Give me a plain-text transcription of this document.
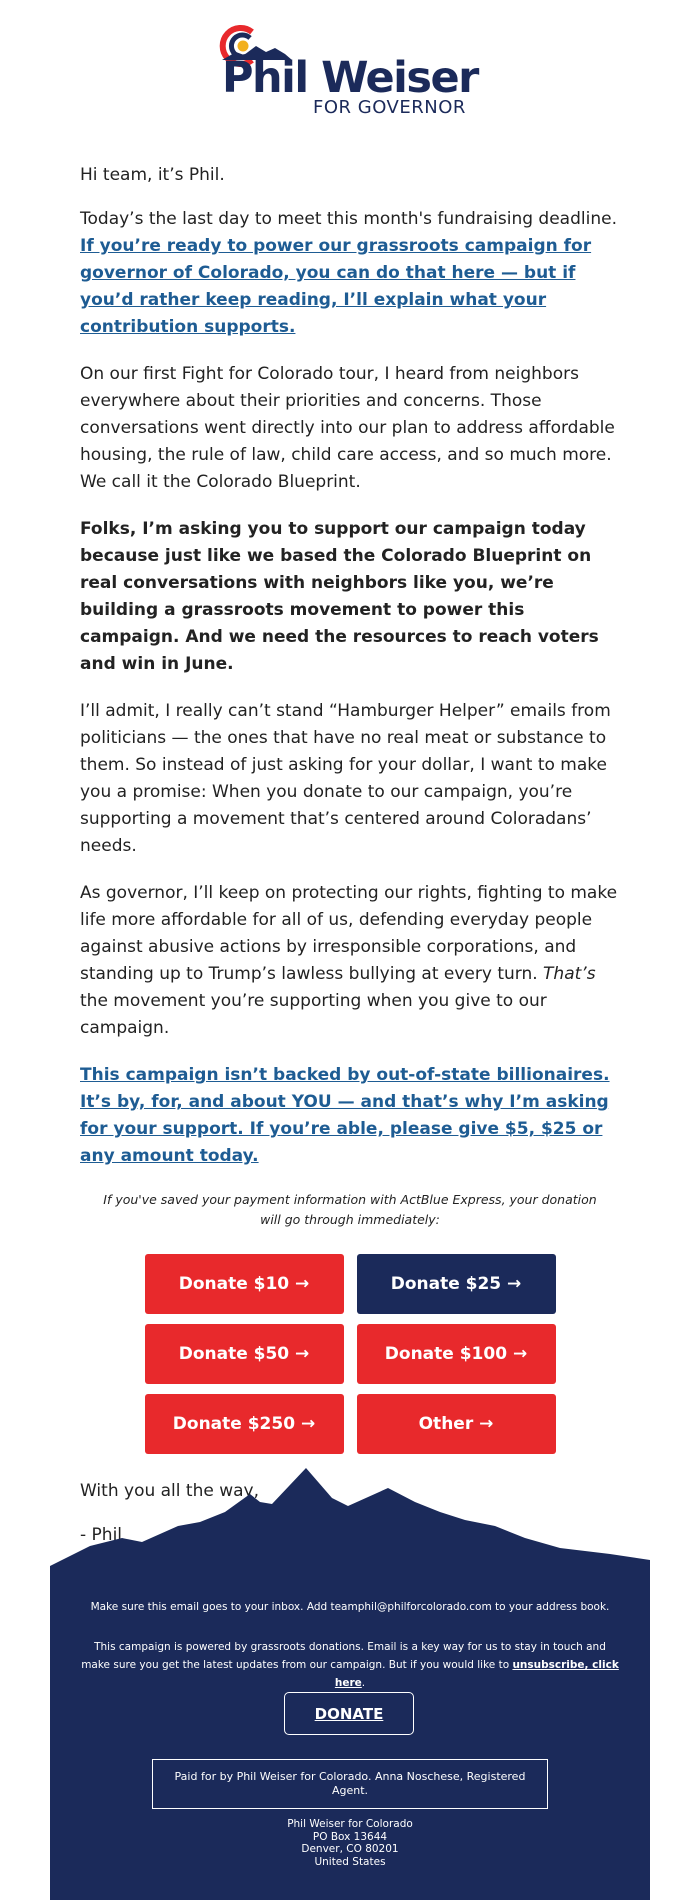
Phil Weiser
FOR GOVERNOR

Hi team, it’s Phil.

Today’s the last day to meet this month's fundraising deadline. If you’re ready to power our grassroots campaign for governor of Colorado, you can do that here — but if you’d rather keep reading, I’ll explain what your contribution supports.

On our first Fight for Colorado tour, I heard from neighbors everywhere about their priorities and concerns. Those conversations went directly into our plan to address affordable housing, the rule of law, child care access, and so much more. We call it the Colorado Blueprint.

Folks, I’m asking you to support our campaign today because just like we based the Colorado Blueprint on real conversations with neighbors like you, we’re building a grassroots movement to power this campaign. And we need the resources to reach voters and win in June.

I’ll admit, I really can’t stand “Hamburger Helper” emails from politicians — the ones that have no real meat or substance to them. So instead of just asking for your dollar, I want to make you a promise: When you donate to our campaign, you’re supporting a movement that’s centered around Coloradans’ needs.

As governor, I’ll keep on protecting our rights, fighting to make life more affordable for all of us, defending everyday people against abusive actions by irresponsible corporations, and standing up to Trump’s lawless bullying at every turn. That’s the movement you’re supporting when you give to our campaign.

This campaign isn’t backed by out-of-state billionaires. It’s by, for, and about YOU — and that’s why I’m asking for your support. If you’re able, please give $5, $25 or any amount today.

If you've saved your payment information with ActBlue Express, your donation will go through immediately:
Donate $10 →	Donate $25 →
Donate $50 →	Donate $100 →
Donate $250 →	Other →

With you all the way,

- Phil

Make sure this email goes to your inbox. Add teamphil@philforcolorado.com to your address book.
This campaign is powered by grassroots donations. Email is a key way for us to stay in touch and make sure you get the latest updates from our campaign. But if you would like to unsubscribe, click here.
DONATE
Paid for by Phil Weiser for Colorado. Anna Noschese, Registered Agent.
Phil Weiser for Colorado
PO Box 13644
Denver, CO 80201
United States
